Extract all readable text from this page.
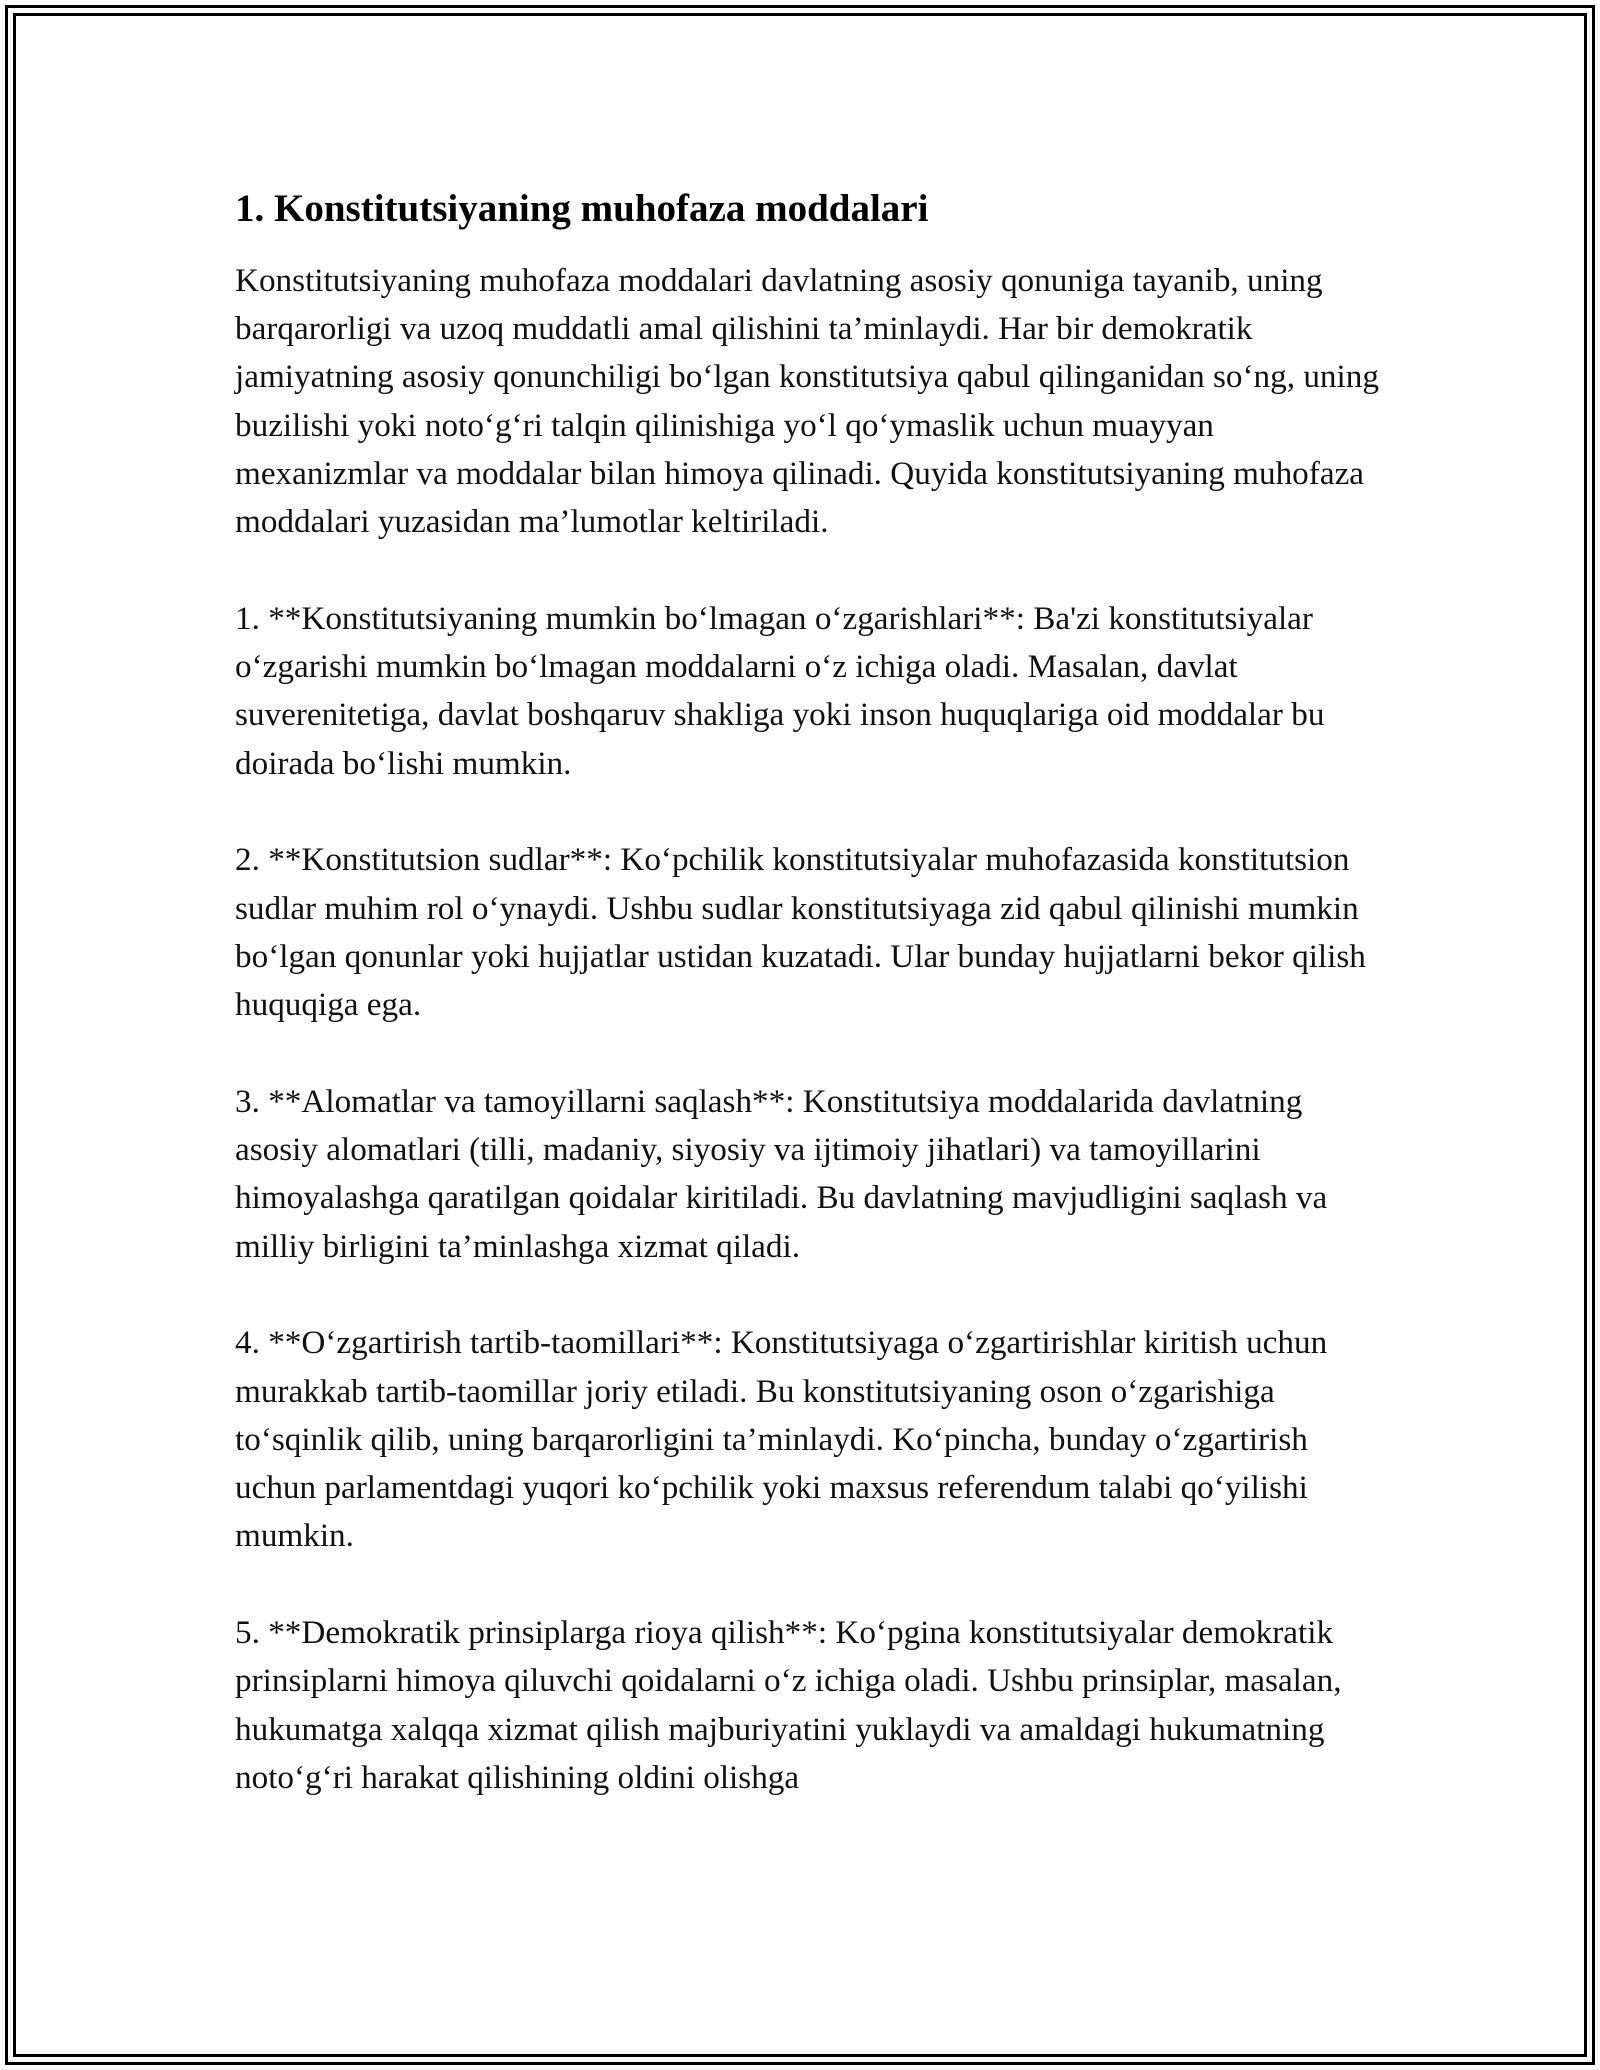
1. Konstitutsiyaning muhofaza moddalari

Konstitutsiyaning muhofaza moddalari davlatning asosiy qonuniga tayanib, uning barqarorligi va uzoq muddatli amal qilishini ta’minlaydi. Har bir demokratik jamiyatning asosiy qonunchiligi bo‘lgan konstitutsiya qabul qilinganidan so‘ng, uning buzilishi yoki noto‘g‘ri talqin qilinishiga yo‘l qo‘ymaslik uchun muayyan mexanizmlar va moddalar bilan himoya qilinadi. Quyida konstitutsiyaning muhofaza moddalari yuzasidan ma’lumotlar keltiriladi.

1. **Konstitutsiyaning mumkin bo‘lmagan o‘zgarishlari**: Ba'zi konstitutsiyalar o‘zgarishi mumkin bo‘lmagan moddalarni o‘z ichiga oladi. Masalan, davlat suverenitetiga, davlat boshqaruv shakliga yoki inson huquqlariga oid moddalar bu doirada bo‘lishi mumkin.

2. **Konstitutsion sudlar**: Ko‘pchilik konstitutsiyalar muhofazasida konstitutsion sudlar muhim rol o‘ynaydi. Ushbu sudlar konstitutsiyaga zid qabul qilinishi mumkin bo‘lgan qonunlar yoki hujjatlar ustidan kuzatadi. Ular bunday hujjatlarni bekor qilish huquqiga ega.

3. **Alomatlar va tamoyillarni saqlash**: Konstitutsiya moddalarida davlatning asosiy alomatlari (tilli, madaniy, siyosiy va ijtimoiy jihatlari) va tamoyillarini himoyalashga qaratilgan qoidalar kiritiladi. Bu davlatning mavjudligini saqlash va milliy birligini ta’minlashga xizmat qiladi.

4. **O‘zgartirish tartib-taomillari**: Konstitutsiyaga o‘zgartirishlar kiritish uchun murakkab tartib-taomillar joriy etiladi. Bu konstitutsiyaning oson o‘zgarishiga to‘sqinlik qilib, uning barqarorligini ta’minlaydi. Ko‘pincha, bunday o‘zgartirish uchun parlamentdagi yuqori ko‘pchilik yoki maxsus referendum talabi qo‘yilishi mumkin.

5. **Demokratik prinsiplarga rioya qilish**: Ko‘pgina konstitutsiyalar demokratik prinsiplarni himoya qiluvchi qoidalarni o‘z ichiga oladi. Ushbu prinsiplar, masalan, hukumatga xalqqa xizmat qilish majburiyatini yuklaydi va amaldagi hukumatning noto‘g‘ri harakat qilishining oldini olishga
